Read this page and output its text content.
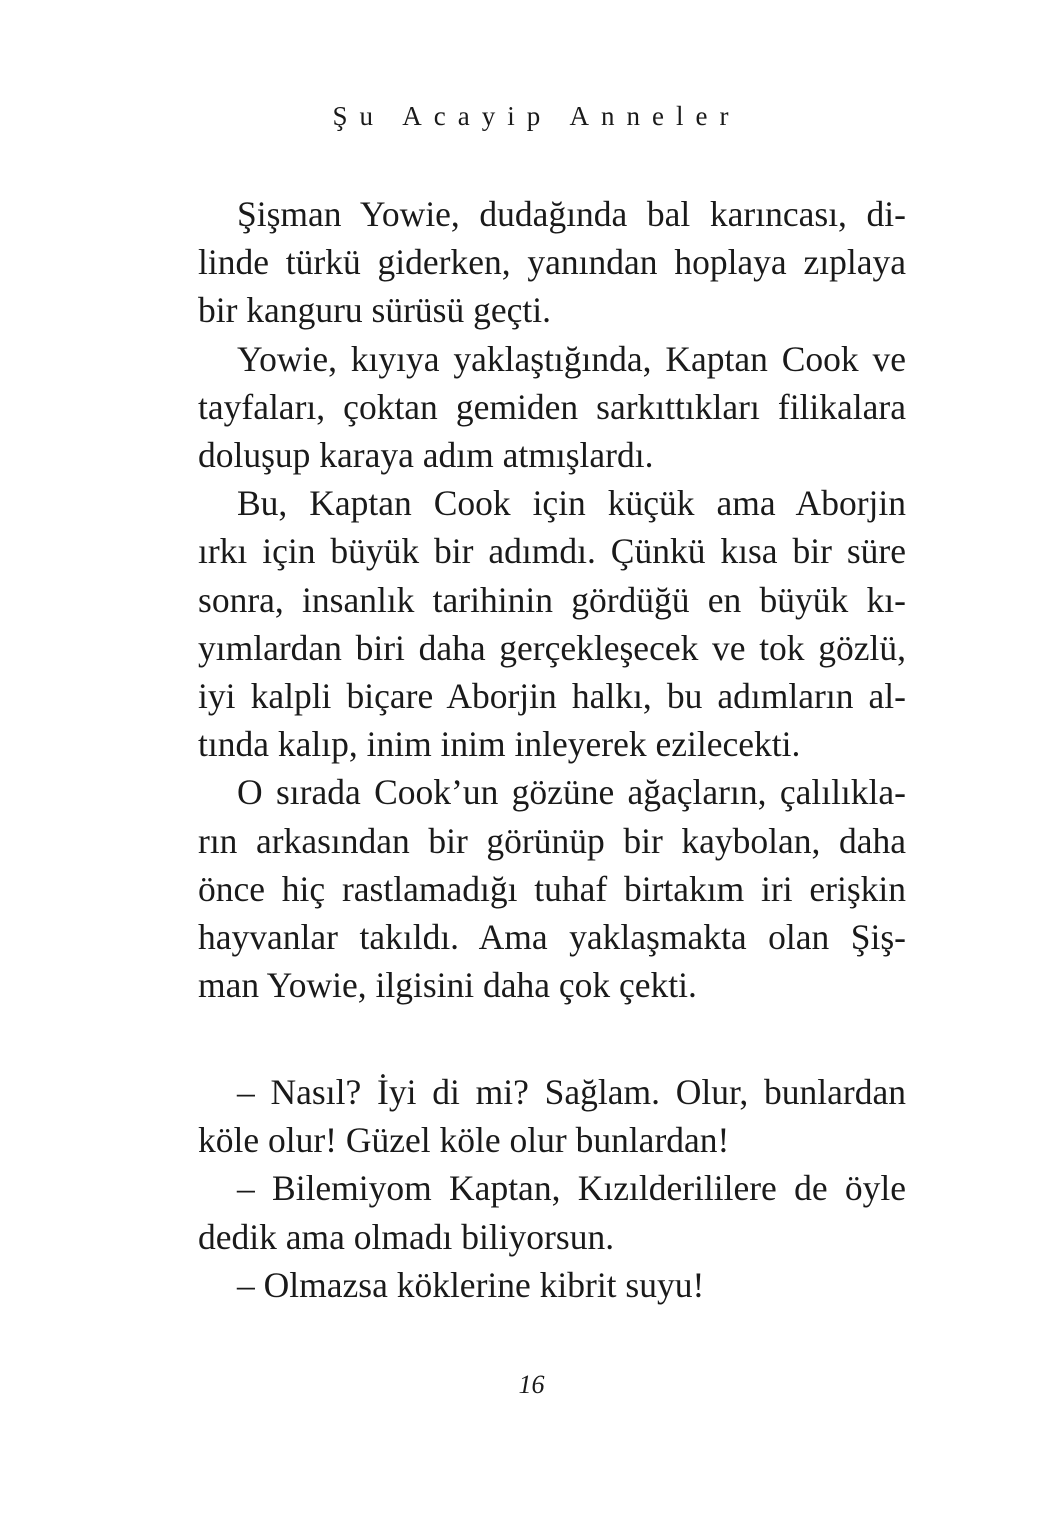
Şu Acayip Anneler
Şişman Yowie, dudağında bal karıncası, di-
linde türkü giderken, yanından hoplaya zıplaya
bir kanguru sürüsü geçti.
Yowie, kıyıya yaklaştığında, Kaptan Cook ve
tayfaları, çoktan gemiden sarkıttıkları filikalara
doluşup karaya adım atmışlardı.
Bu, Kaptan Cook için küçük ama Aborjin
ırkı için büyük bir adımdı. Çünkü kısa bir süre
sonra, insanlık tarihinin gördüğü en büyük kı-
yımlardan biri daha gerçekleşecek ve tok gözlü,
iyi kalpli biçare Aborjin halkı, bu adımların al-
tında kalıp, inim inim inleyerek ezilecekti.
O sırada Cook’un gözüne ağaçların, çalılıkla-
rın arkasından bir görünüp bir kaybolan, daha
önce hiç rastlamadığı tuhaf birtakım iri erişkin
hayvanlar takıldı. Ama yaklaşmakta olan Şiş-
man Yowie, ilgisini daha çok çekti.
– Nasıl? İyi di mi? Sağlam. Olur, bunlardan
köle olur! Güzel köle olur bunlardan!
– Bilemiyom Kaptan, Kızılderililere de öyle
dedik ama olmadı biliyorsun.
– Olmazsa köklerine kibrit suyu!
16
